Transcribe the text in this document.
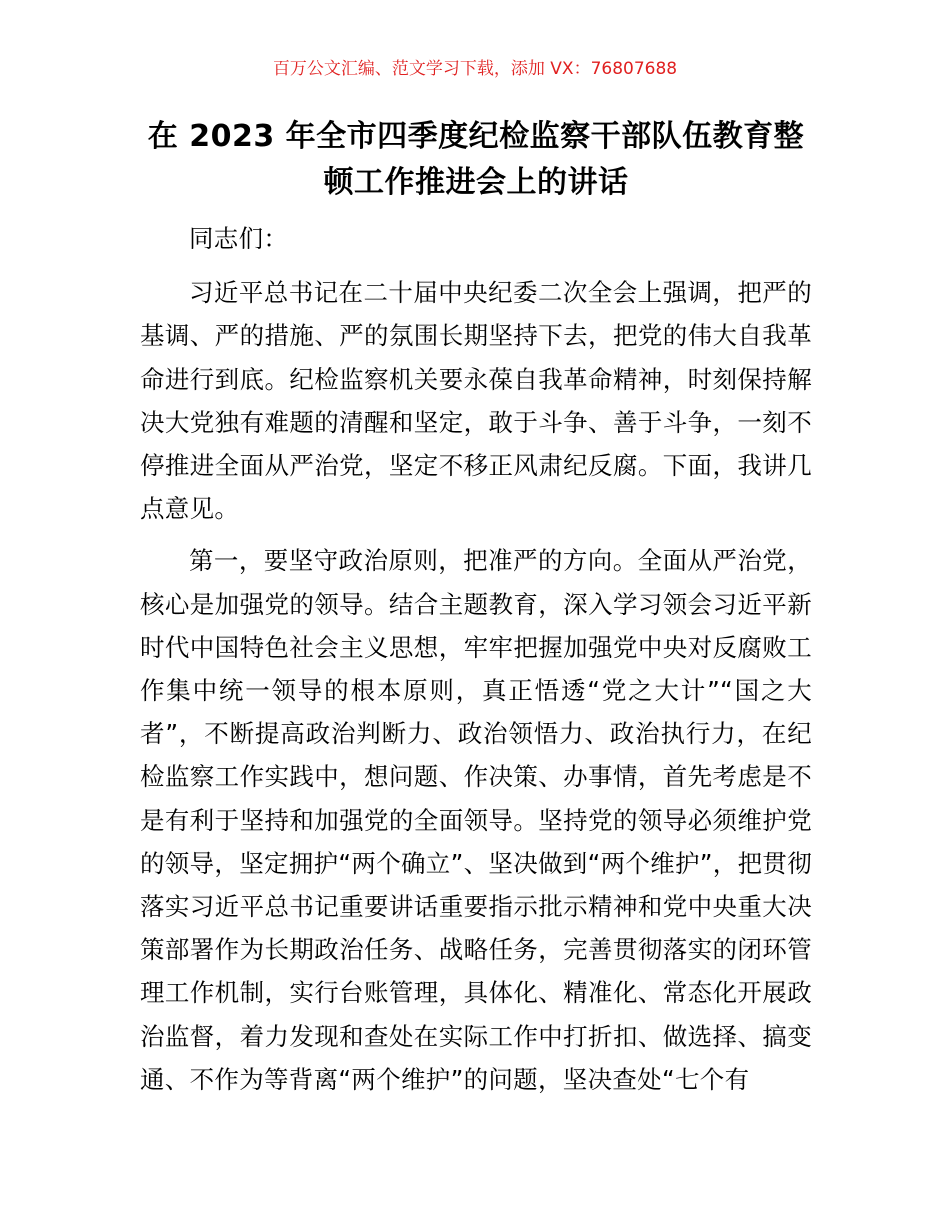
百万公文汇编、范文学习下载，添加 VX：76807688
在 2023 年全市四季度纪检监察干部队伍教育整顿工作推进会上的讲话

同志们：

习近平总书记在二十届中央纪委二次全会上强调，把严的基调、严的措施、严的氛围长期坚持下去，把党的伟大自我革命进行到底。纪检监察机关要永葆自我革命精神，时刻保持解决大党独有难题的清醒和坚定，敢于斗争、善于斗争，一刻不停推进全面从严治党，坚定不移正风肃纪反腐。下面，我讲几点意见。

第一，要坚守政治原则，把准严的方向。全面从严治党，核心是加强党的领导。结合主题教育，深入学习领会习近平新时代中国特色社会主义思想，牢牢把握加强党中央对反腐败工作集中统一领导的根本原则，真正悟透“党之大计”“国之大者”，不断提高政治判断力、政治领悟力、政治执行力，在纪检监察工作实践中，想问题、作决策、办事情，首先考虑是不是有利于坚持和加强党的全面领导。坚持党的领导必须维护党的领导，坚定拥护“两个确立”、坚决做到“两个维护”，把贯彻落实习近平总书记重要讲话重要指示批示精神和党中央重大决策部署作为长期政治任务、战略任务，完善贯彻落实的闭环管理工作机制，实行台账管理，具体化、精准化、常态化开展政治监督，着力发现和查处在实际工作中打折扣、做选择、搞变通、不作为等背离“两个维护”的问题，坚决查处“七个有
